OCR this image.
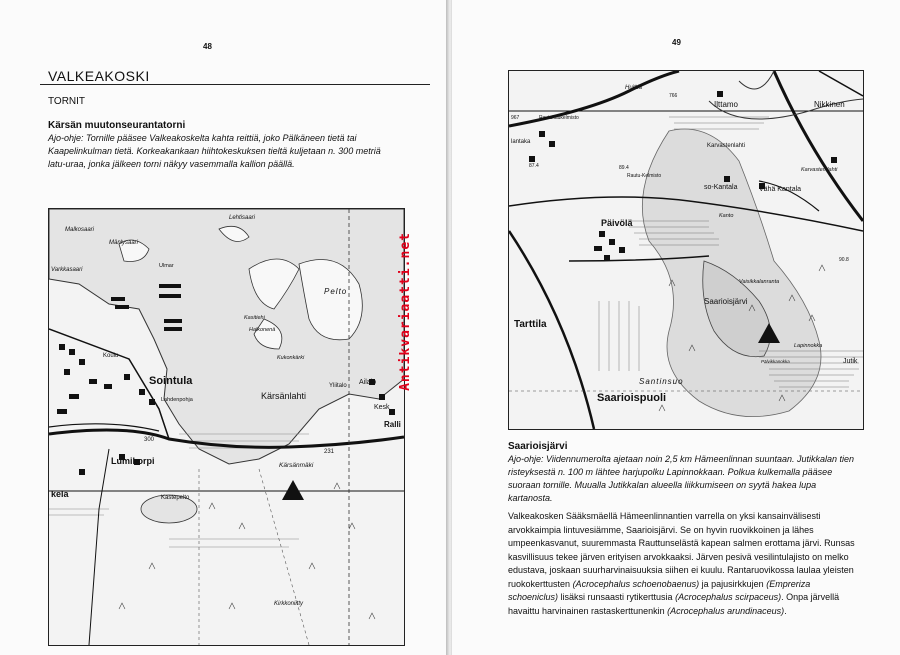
48
VALKEAKOSKI
TORNIT
Kärsän muutonseurantatorni
Ajo-ohje: Tornille pääsee Valkeakoskelta kahta reittiä, joko Pälkäneen tietä tai Kaapelinkulman tietä. Korkeakankaan hiihtokeskuksen tieltä kuljetaan n. 300 metriä latu-uraa, jonka jälkeen torni näkyy vasemmalla kallion päällä.
Malkosaari
Mänlysaari
Lehtisaari
Varkkasaari
Ulmar
Kasitiehi
Halkonenä
Kukonkärki
Pelto
Koulu
Sointula
Kärsänlahti
Lahdenpohja
Ailalo
Yliitalo
Kesk
Ralli
300
231
Kärsänmäki
Lumikorpi
kela	Kastepelto
Kirkkoniitty
Antikvariaatti.net
49
Huittiä
766
Ilttamo	Nikkinen
967	Rautukaukelmisto
lantaka
Karvastenlahti
87.4	89.4
Rautu-Kelmisto
Karvastemlahti
so-Kantala	Vähä Kantala
Päivölä
Kanto
90.8
Vaisikkalanranta
Saarioisjärvi
Tarttila
Lapinnokka
Jutik
Pälvikkanokka
Santinsuo
Saarioispuoli
Saarioisjärvi
Ajo-ohje: Viidennumerolta ajetaan noin 2,5 km Hämeenlinnan suuntaan. Jutikkalan tien risteyksestä n. 100 m lähtee harjupolku Lapinnokkaan. Polkua kulkemalla pääsee suoraan tornille. Muualla Jutikkalan alueella liikkumiseen on syytä hakea lupa kartanosta.
Valkeakosken Sääksmäellä Hämeenlinnantien varrella on yksi kansainvälisesti arvokkaimpia lintuvesiämme, Saarioisjärvi. Se on hyvin ruovikkoinen ja lähes umpeenkasvanut, suuremmasta Rauttunselästä kapean salmen erottama järvi. Runsas kasvillisuus tekee järven erityisen arvokkaaksi. Järven pesivä vesilintulajisto on melko edustava, joskaan suurharvinaisuuksia siihen ei kuulu. Rantaruovikossa laulaa yleisten ruokokerttusten (Acrocephalus schoenobaenus) ja pajusirkkujen (Empreriza schoeniclus) lisäksi runsaasti rytikerttusia (Acrocephalus scirpaceus). Onpa järvellä havaittu harvinainen rastaskerttunenkin (Acrocephalus arundinaceus).
